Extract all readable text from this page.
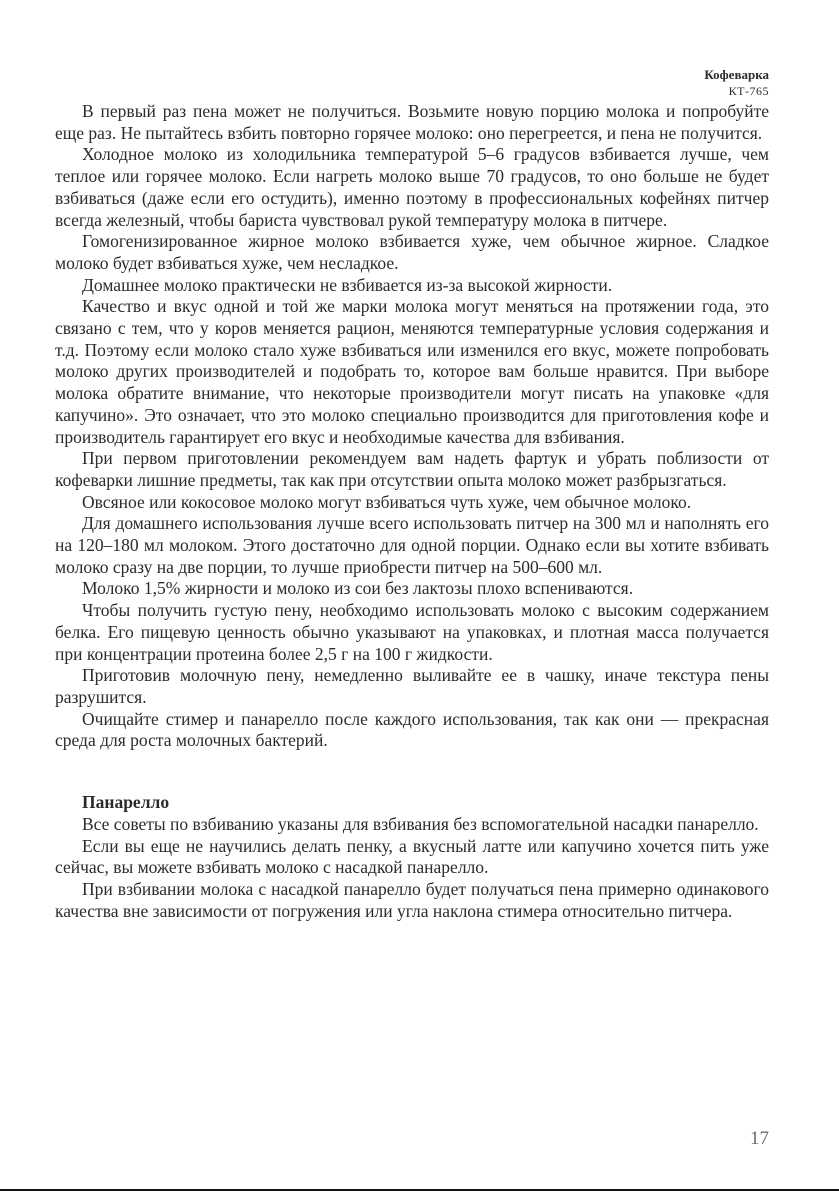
Кофеварка
КТ-765

В первый раз пена может не получиться. Возьмите новую порцию молока и попробуйте еще раз. Не пытайтесь взбить повторно горячее молоко: оно перегреется, и пена не получится.

Холодное молоко из холодильника температурой 5–6 градусов взбивается лучше, чем теплое или горячее молоко. Если нагреть молоко выше 70 градусов, то оно больше не будет взбиваться (даже если его остудить), именно поэтому в профессиональных кофейнях питчер всегда железный, чтобы бариста чувствовал рукой температуру молока в питчере.

Гомогенизированное жирное молоко взбивается хуже, чем обычное жирное. Сладкое молоко будет взбиваться хуже, чем несладкое.

Домашнее молоко практически не взбивается из-за высокой жирности.

Качество и вкус одной и той же марки молока могут меняться на протяжении года, это связано с тем, что у коров меняется рацион, меняются температурные условия содержания и т.д. Поэтому если молоко стало хуже взбиваться или изменился его вкус, можете попробовать молоко других производителей и подобрать то, которое вам больше нравится. При выборе молока обратите внимание, что некоторые производители могут писать на упаковке «для капучино». Это означает, что это молоко специально производится для приготовления кофе и производитель гарантирует его вкус и необходимые качества для взбивания.

При первом приготовлении рекомендуем вам надеть фартук и убрать поблизости от кофеварки лишние предметы, так как при отсутствии опыта молоко может разбрызгаться.

Овсяное или кокосовое молоко могут взбиваться чуть хуже, чем обычное молоко.

Для домашнего использования лучше всего использовать питчер на 300 мл и наполнять его на 120–180 мл молоком. Этого достаточно для одной порции. Однако если вы хотите взбивать молоко сразу на две порции, то лучше приобрести питчер на 500–600 мл.

Молоко 1,5% жирности и молоко из сои без лактозы плохо вспениваются.

Чтобы получить густую пену, необходимо использовать молоко с высоким содержанием белка. Его пищевую ценность обычно указывают на упаковках, и плотная масса получается при концентрации протеина более 2,5 г на 100 г жидкости.

Приготовив молочную пену, немедленно выливайте ее в чашку, иначе текстура пены разрушится.

Очищайте стимер и панарелло после каждого использования, так как они — прекрасная среда для роста молочных бактерий.

Панарелло

Все советы по взбиванию указаны для взбивания без вспомогательной насадки панарелло.

Если вы еще не научились делать пенку, а вкусный латте или капучино хочется пить уже сейчас, вы можете взбивать молоко с насадкой панарелло.

При взбивании молока с насадкой панарелло будет получаться пена примерно одинакового качества вне зависимости от погружения или угла наклона стимера относительно питчера.

17
